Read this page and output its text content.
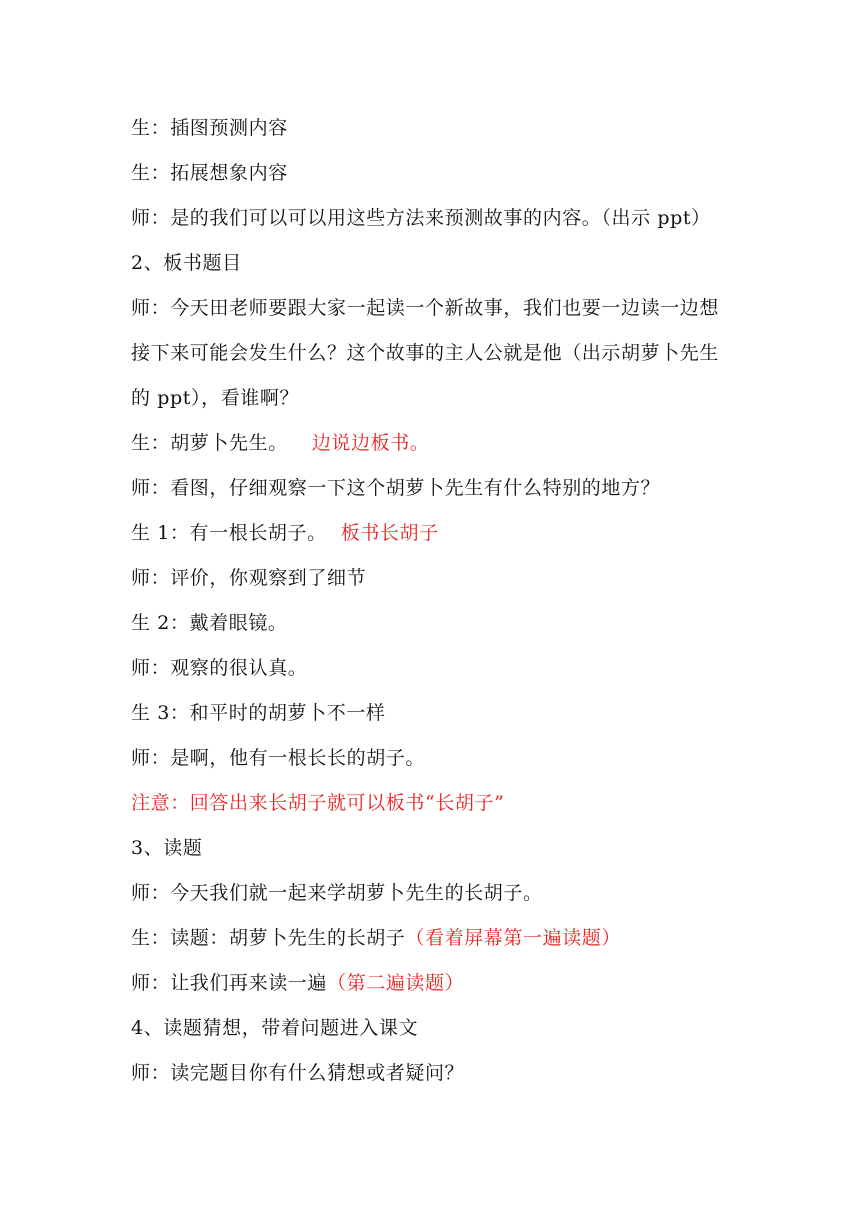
生：插图预测内容
生：拓展想象内容
师：是的我们可以可以用这些方法来预测故事的内容。（出示 ppt）
2、板书题目
师：今天田老师要跟大家一起读一个新故事，我们也要一边读一边想
接下来可能会发生什么？这个故事的主人公就是他（出示胡萝卜先生
的 ppt），看谁啊？
生：胡萝卜先生。 边说边板书。
师：看图，仔细观察一下这个胡萝卜先生有什么特别的地方？
生 1：有一根长胡子。 板书长胡子
师：评价，你观察到了细节
生 2：戴着眼镜。
师：观察的很认真。
生 3：和平时的胡萝卜不一样
师：是啊，他有一根长长的胡子。
注意：回答出来长胡子就可以板书“长胡子”
3、读题
师：今天我们就一起来学胡萝卜先生的长胡子。
生：读题：胡萝卜先生的长胡子（看着屏幕第一遍读题）
师：让我们再来读一遍（第二遍读题）
4、读题猜想，带着问题进入课文
师：读完题目你有什么猜想或者疑问？
